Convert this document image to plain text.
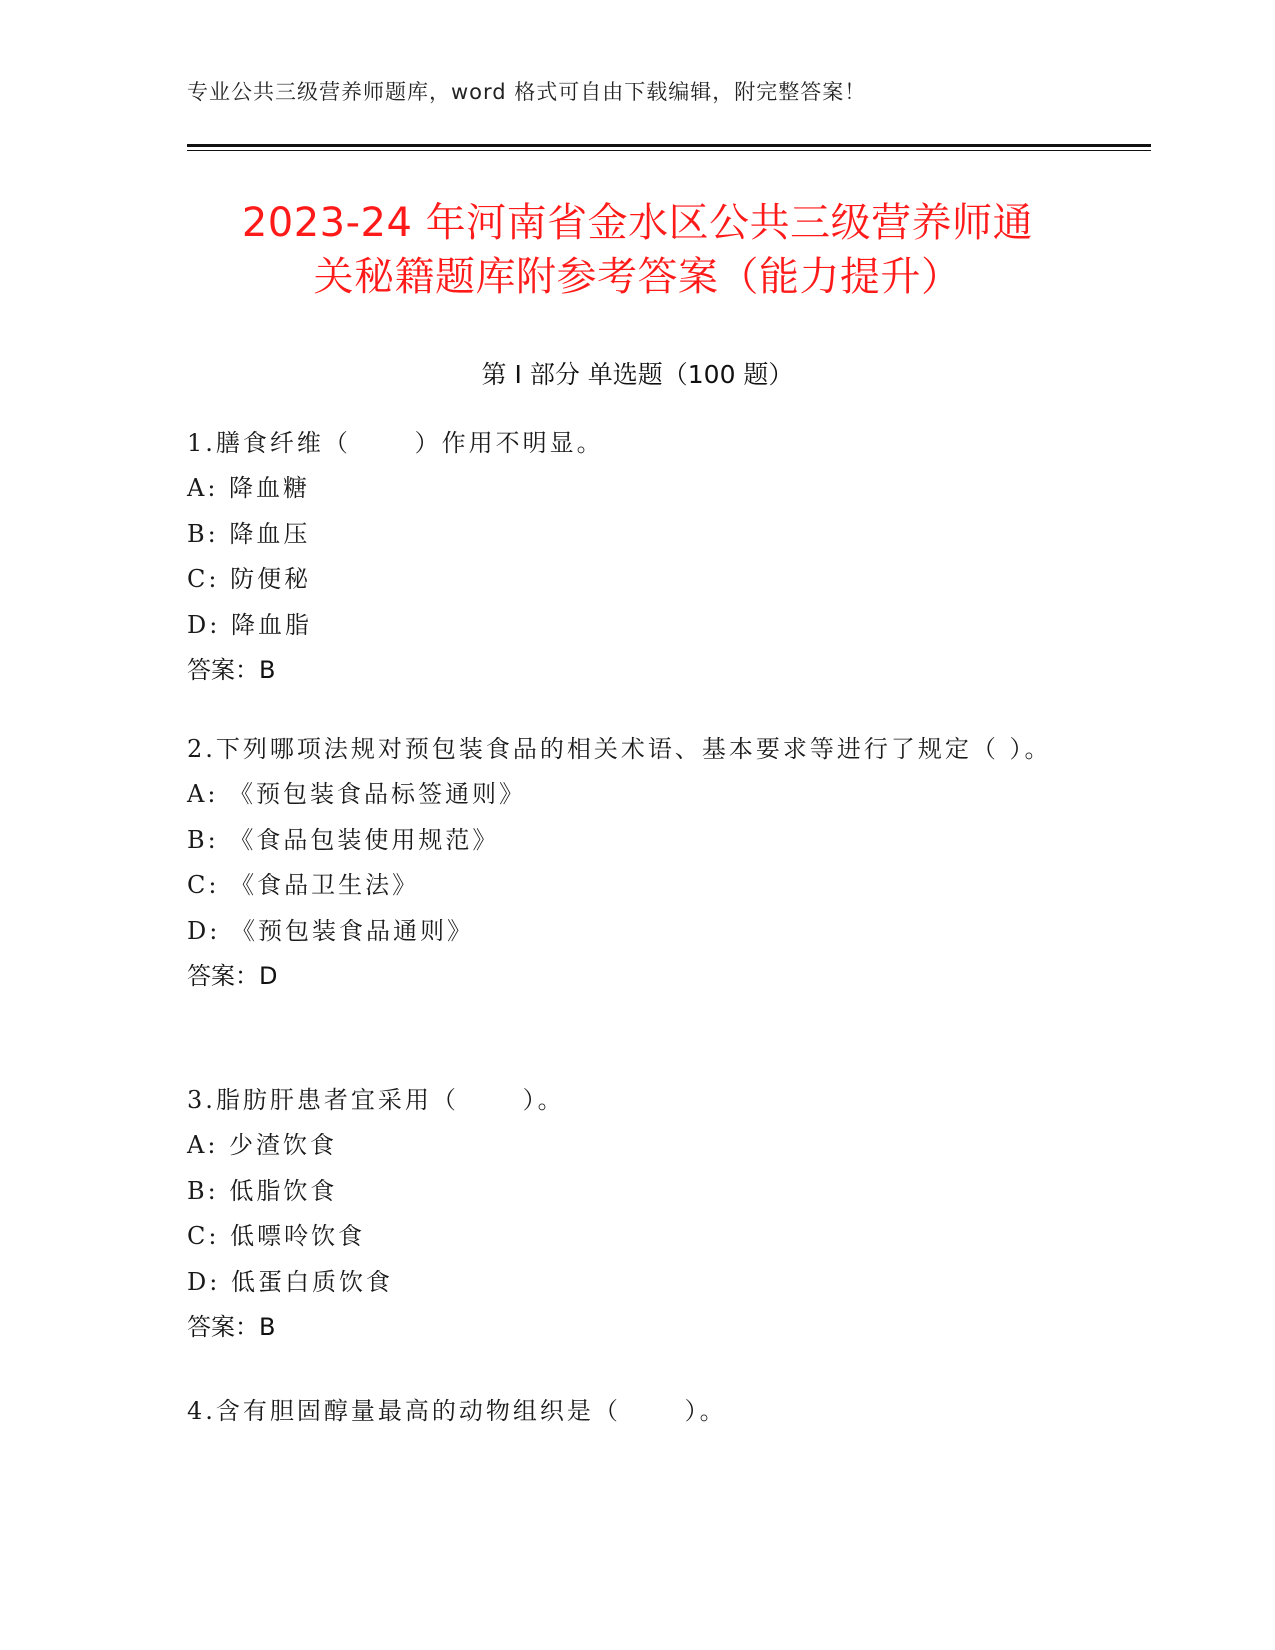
专业公共三级营养师题库，word 格式可自由下载编辑，附完整答案！
2023-24 年河南省金水区公共三级营养师通
关秘籍题库附参考答案（能力提升）
第 I 部分 单选题（100 题）
1.膳食纤维（      ）作用不明显。
A: 降血糖
B: 降血压
C: 防便秘
D: 降血脂
答案：B
2.下列哪项法规对预包装食品的相关术语、基本要求等进行了规定（ ）。
A: 《预包装食品标签通则》
B: 《食品包装使用规范》
C: 《食品卫生法》
D: 《预包装食品通则》
答案：D
3.脂肪肝患者宜采用（      ）。
A: 少渣饮食
B: 低脂饮食
C: 低嘌呤饮食
D: 低蛋白质饮食
答案：B
4.含有胆固醇量最高的动物组织是（      ）。
